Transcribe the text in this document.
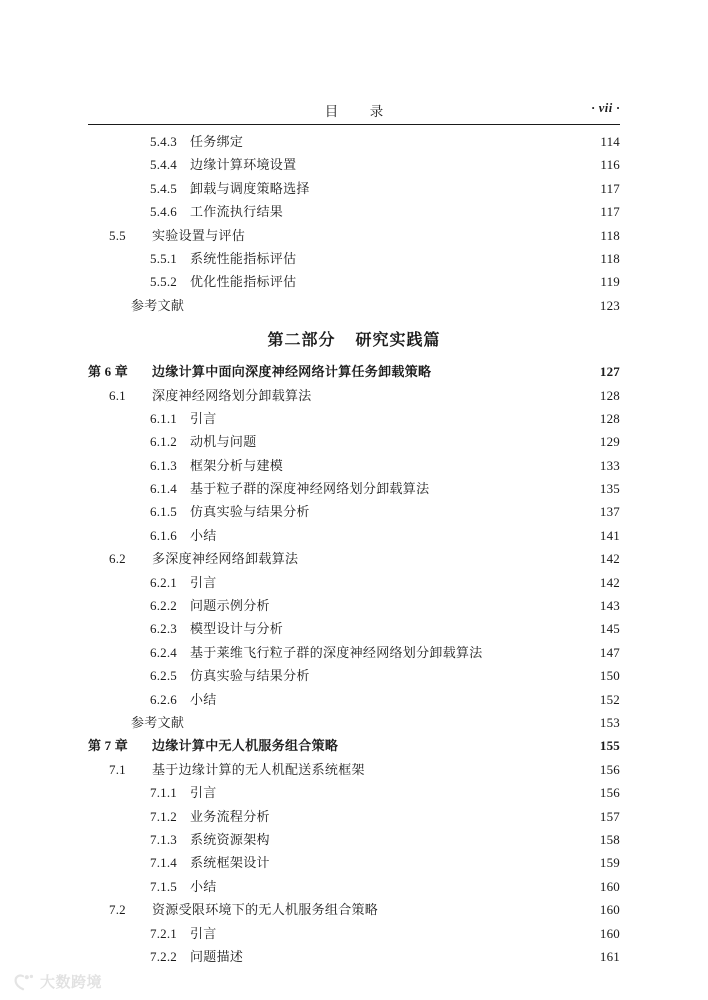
目　录	· vii ·
5.4.3	任务绑定	114
5.4.4	边缘计算环境设置	116
5.4.5	卸载与调度策略选择	117
5.4.6	工作流执行结果	117
5.5	实验设置与评估	118
5.5.1	系统性能指标评估	118
5.5.2	优化性能指标评估	119
参考文献	123
第二部分 研究实践篇
第 6 章	边缘计算中面向深度神经网络计算任务卸载策略	127
6.1	深度神经网络划分卸载算法	128
6.1.1	引言	128
6.1.2	动机与问题	129
6.1.3	框架分析与建模	133
6.1.4	基于粒子群的深度神经网络划分卸载算法	135
6.1.5	仿真实验与结果分析	137
6.1.6	小结	141
6.2	多深度神经网络卸载算法	142
6.2.1	引言	142
6.2.2	问题示例分析	143
6.2.3	模型设计与分析	145
6.2.4	基于莱维飞行粒子群的深度神经网络划分卸载算法	147
6.2.5	仿真实验与结果分析	150
6.2.6	小结	152
参考文献	153
第 7 章	边缘计算中无人机服务组合策略	155
7.1	基于边缘计算的无人机配送系统框架	156
7.1.1	引言	156
7.1.2	业务流程分析	157
7.1.3	系统资源架构	158
7.1.4	系统框架设计	159
7.1.5	小结	160
7.2	资源受限环境下的无人机服务组合策略	160
7.2.1	引言	160
7.2.2	问题描述	161
大数跨境
